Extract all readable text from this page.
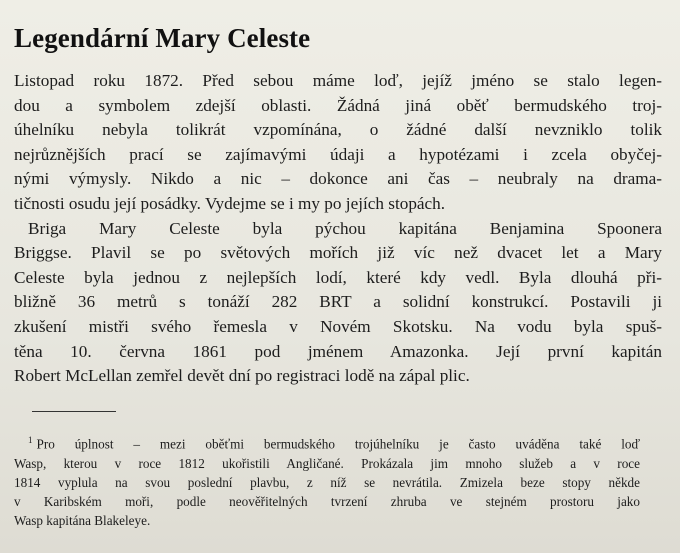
Legendární Mary Celeste
Listopad roku 1872. Před sebou máme loď, jejíž jméno se stalo legen-
dou a symbolem zdejší oblasti. Žádná jiná oběť bermudského troj-
úhelníku nebyla tolikrát vzpomínána, o žádné další nevzniklo tolik
nejrůznějších prací se zajímavými údaji a hypotézami i zcela obyčej-
nými výmysly. Nikdo a nic – dokonce ani čas – neubraly na drama-
tičnosti osudu její posádky. Vydejme se i my po jejích stopách.
Briga Mary Celeste byla pýchou kapitána Benjamina Spoonera
Briggse. Plavil se po světových mořích již víc než dvacet let a Mary
Celeste byla jednou z nejlepších lodí, které kdy vedl. Byla dlouhá při-
bližně 36 metrů s tonáží 282 BRT a solidní konstrukcí. Postavili ji
zkušení mistři svého řemesla v Novém Skotsku. Na vodu byla spuš-
těna 10. června 1861 pod jménem Amazonka. Její první kapitán
Robert McLellan zemřel devět dní po registraci lodě na zápal plic.
$^1$ Pro úplnost – mezi oběťmi bermudského trojúhelníku je často uváděna také loď
Wasp, kterou v roce 1812 ukořistili Angličané. Prokázala jim mnoho služeb a v roce
1814 vyplula na svou poslední plavbu, z níž se nevrátila. Zmizela beze stopy někde
v Karibském moři, podle neověřitelných tvrzení zhruba ve stejném prostoru jako
Wasp kapitána Blakeleye.
